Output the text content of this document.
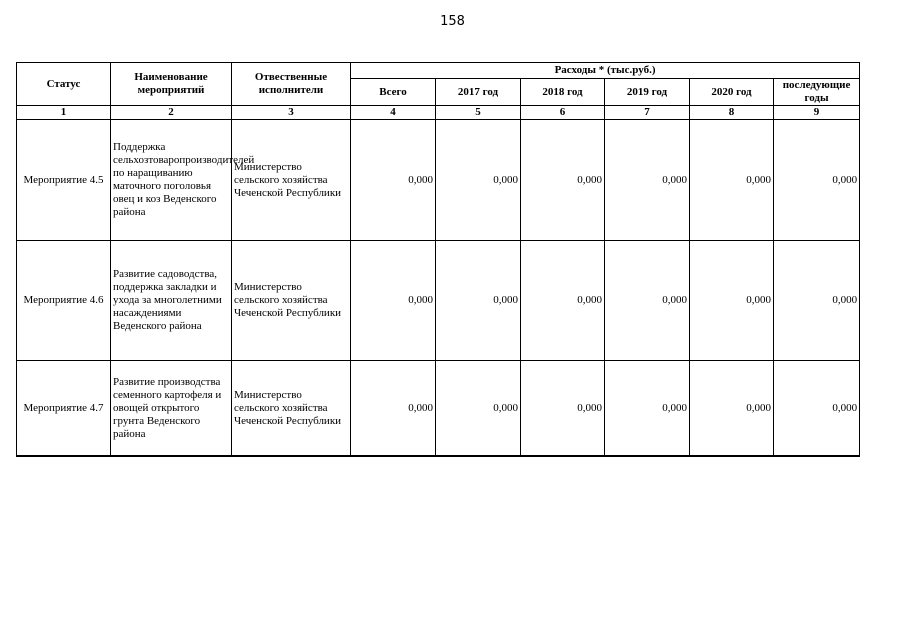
158
Статус	Наименование мероприятий	Отвественные исполнители	Расходы * (тыс.руб.)					
			Всего	2017 год	2018 год	2019 год	2020 год	последующие годы
1	2	3	4	5	6	7	8	9
Мероприятие 4.5	Поддержка сельхозтоваропроизводителей по наращиванию маточного поголовья овец и коз Веденского района	Министерство сельского хозяйства Чеченской Республики	0,000	0,000	0,000	0,000	0,000	0,000
Мероприятие 4.6	Развитие садоводства, поддержка закладки и ухода за многолетними насаждениями Веденского района	Министерство сельского хозяйства Чеченской Республики	0,000	0,000	0,000	0,000	0,000	0,000
Мероприятие 4.7	Развитие производства семенного картофеля и овощей открытого грунта Веденского района	Министерство сельского хозяйства Чеченской Республики	0,000	0,000	0,000	0,000	0,000	0,000
